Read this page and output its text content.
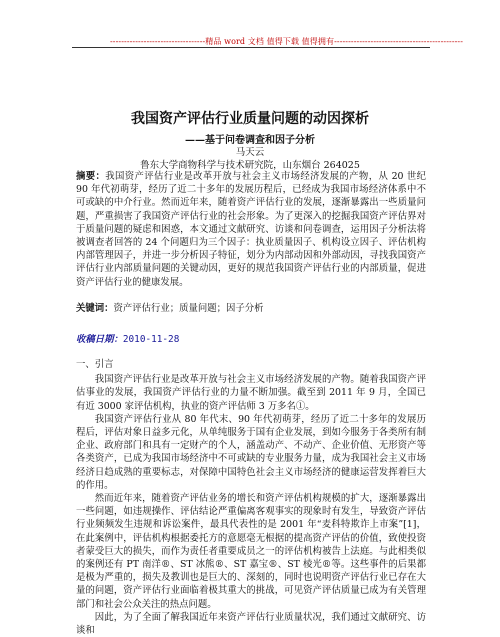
----------------------------------精品 word 文档 值得下载 值得拥有----------------------------------------------
我国资产评估行业质量问题的动因探析
——基于问卷调查和因子分析
马天云
鲁东大学商物科学与技术研究院，山东烟台 264025

摘要：我国资产评估行业是改革开放与社会主义市场经济发展的产物，从 20 世纪 90 年代初萌芽，经历了近二十多年的发展历程后，已经成为我国市场经济体系中不可或缺的中介行业。然而近年来，随着资产评估行业的发展，逐渐暴露出一些质量问题，严重损害了我国资产评估行业的社会形象。为了更深入的挖掘我国资产评估界对于质量问题的疑虑和困惑，本文通过文献研究、访谈和问卷调查，运用因子分析法将被调查者回答的 24 个问题归为三个因子：执业质量因子、机构设立因子、评估机构内部管理因子，并进一步分析因子特征，划分为内部动因和外部动因，寻找我国资产评估行业内部质量问题的关键动因，更好的规范我国资产评估行业的内部质量，促进资产评估行业的健康发展。

关键词：资产评估行业；质量问题；因子分析

收稿日期：2010-11-28

一、引言

我国资产评估行业是改革开放与社会主义市场经济发展的产物。随着我国资产评估事业的发展，我国资产评估行业的力量不断加强。截至到 2011 年 9 月，全国已有近 3000 家评估机构，执业的资产评估师 3 万多名①。

我国资产评估行业从 80 年代末、90 年代初萌芽，经历了近二十多年的发展历程后，评估对象日益多元化，从单纯服务于国有企业发展，到如今服务于各类所有制企业、政府部门和具有一定财产的个人，涵盖动产、不动产、企业价值、无形资产等各类资产，已成为我国市场经济中不可或缺的专业服务力量，成为我国社会主义市场经济日趋成熟的重要标志，对保障中国特色社会主义市场经济的健康运营发挥着巨大的作用。

然而近年来，随着资产评估业务的增长和资产评估机构规模的扩大，逐渐暴露出一些问题，如违规操作、评估结论严重偏离客观事实的现象时有发生，导致资产评估行业频频发生违规和诉讼案件，最具代表性的是 2001 年“麦科特欺诈上市案”[1]，在此案例中，评估机构根据委托方的意愿毫无根据的提高资产评估的价值，致使投资者蒙受巨大的损失，而作为责任者重要成员之一的评估机构被告上法庭。与此相类似的案例还有 PT 南洋®、ST 冰熊®、ST 嘉宝®、ST 棱光®等。这些事件的后果都是极为严重的，损失及教训也是巨大的、深刻的，同时也说明资产评估行业已存在大量的问题，资产评估行业面临着极其重大的挑战，可见资产评估质量已成为有关管理部门和社会公众关注的热点问题。

因此，为了全面了解我国近年来资产评估行业质量状况，我们通过文献研究、访谈和
